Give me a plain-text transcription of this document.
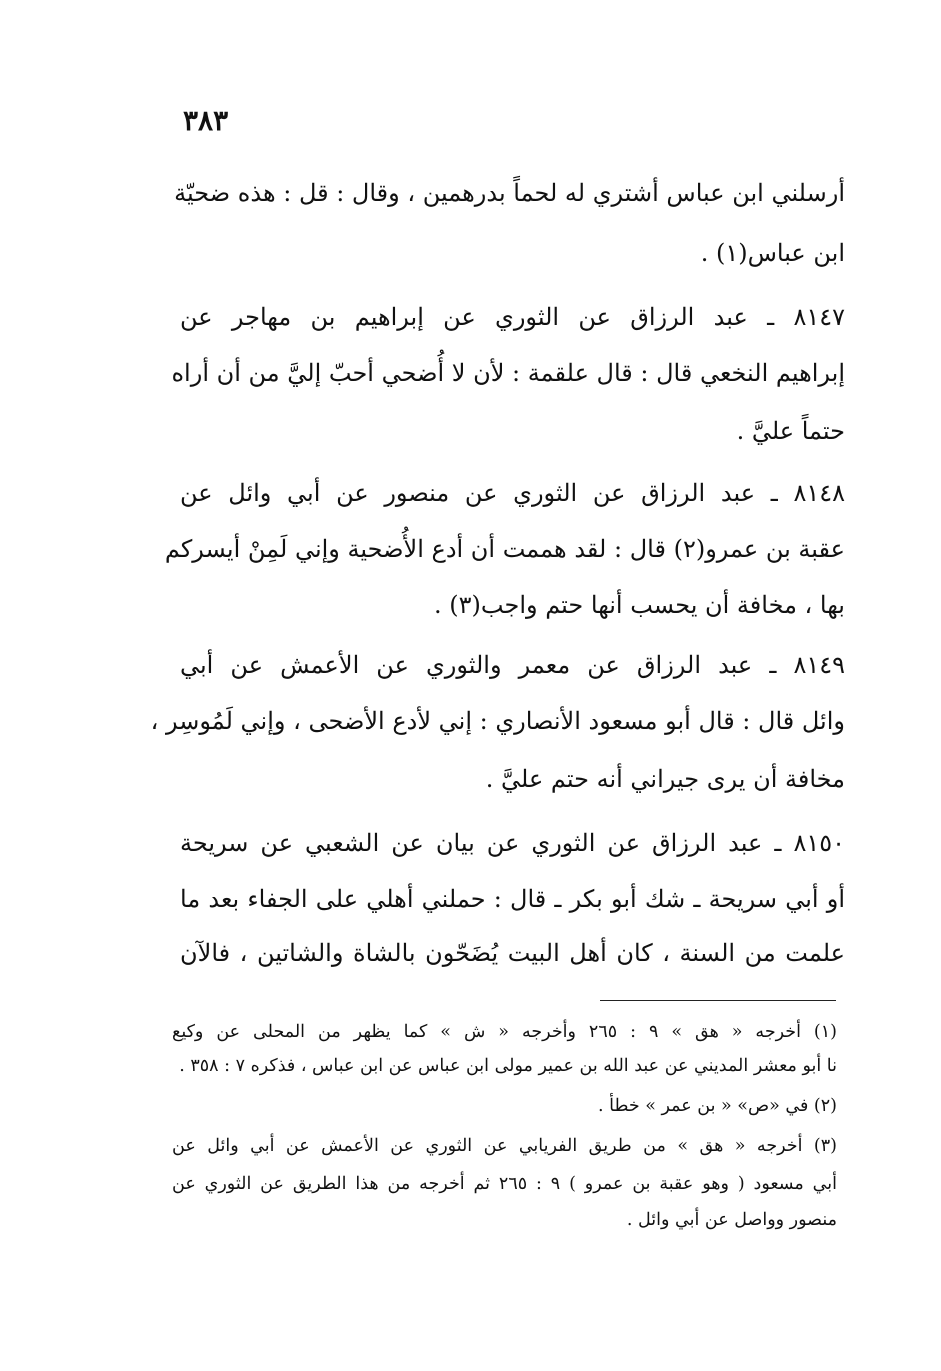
٣٨٣
أرسلني ابن عباس أشتري له لحماً بدرهمين ، وقال : قل : هذه ضحيّة
ابن عباس(١) .
٨١٤٧ ـ عبد الرزاق عن الثوري عن إبراهيم بن مهاجر عن
إبراهيم النخعي قال : قال علقمة : لأن لا أُضحي أحبّ إليَّ من أن أراه
حتماً عليَّ .
٨١٤٨ ـ عبد الرزاق عن الثوري عن منصور عن أبي وائل عن
عقبة بن عمرو(٢) قال : لقد هممت أن أدع الأُضحية وإني لَمِنْ أيسركم
بها ، مخافة أن يحسب أنها حتم واجب(٣) .
٨١٤٩ ـ عبد الرزاق عن معمر والثوري عن الأعمش عن أبي
وائل قال : قال أبو مسعود الأنصاري : إني لأدع الأضحى ، وإني لَمُوسِر ،
مخافة أن يرى جيراني أنه حتم عليَّ .
٨١٥٠ ـ عبد الرزاق عن الثوري عن بيان عن الشعبي عن سريحة
أو أبي سريحة ـ شك أبو بكر ـ قال : حملني أهلي على الجفاء بعد ما
علمت من السنة ، كان أهل البيت يُضَحّون بالشاة والشاتين ، فالآن
(١) أخرجه « هق » ٩ : ٢٦٥ وأخرجه « ش » كما يظهر من المحلى عن وكيع
نا أبو معشر المديني عن عبد الله بن عمير مولى ابن عباس عن ابن عباس ، فذكره ٧ : ٣٥٨ .
(٢) في «ص» « بن عمر » خطأ .
(٣) أخرجه « هق » من طريق الفريابي عن الثوري عن الأعمش عن أبي وائل عن
أبي مسعود ( وهو عقبة بن عمرو ) ٩ : ٢٦٥ ثم أخرجه من هذا الطريق عن الثوري عن
منصور وواصل عن أبي وائل .
